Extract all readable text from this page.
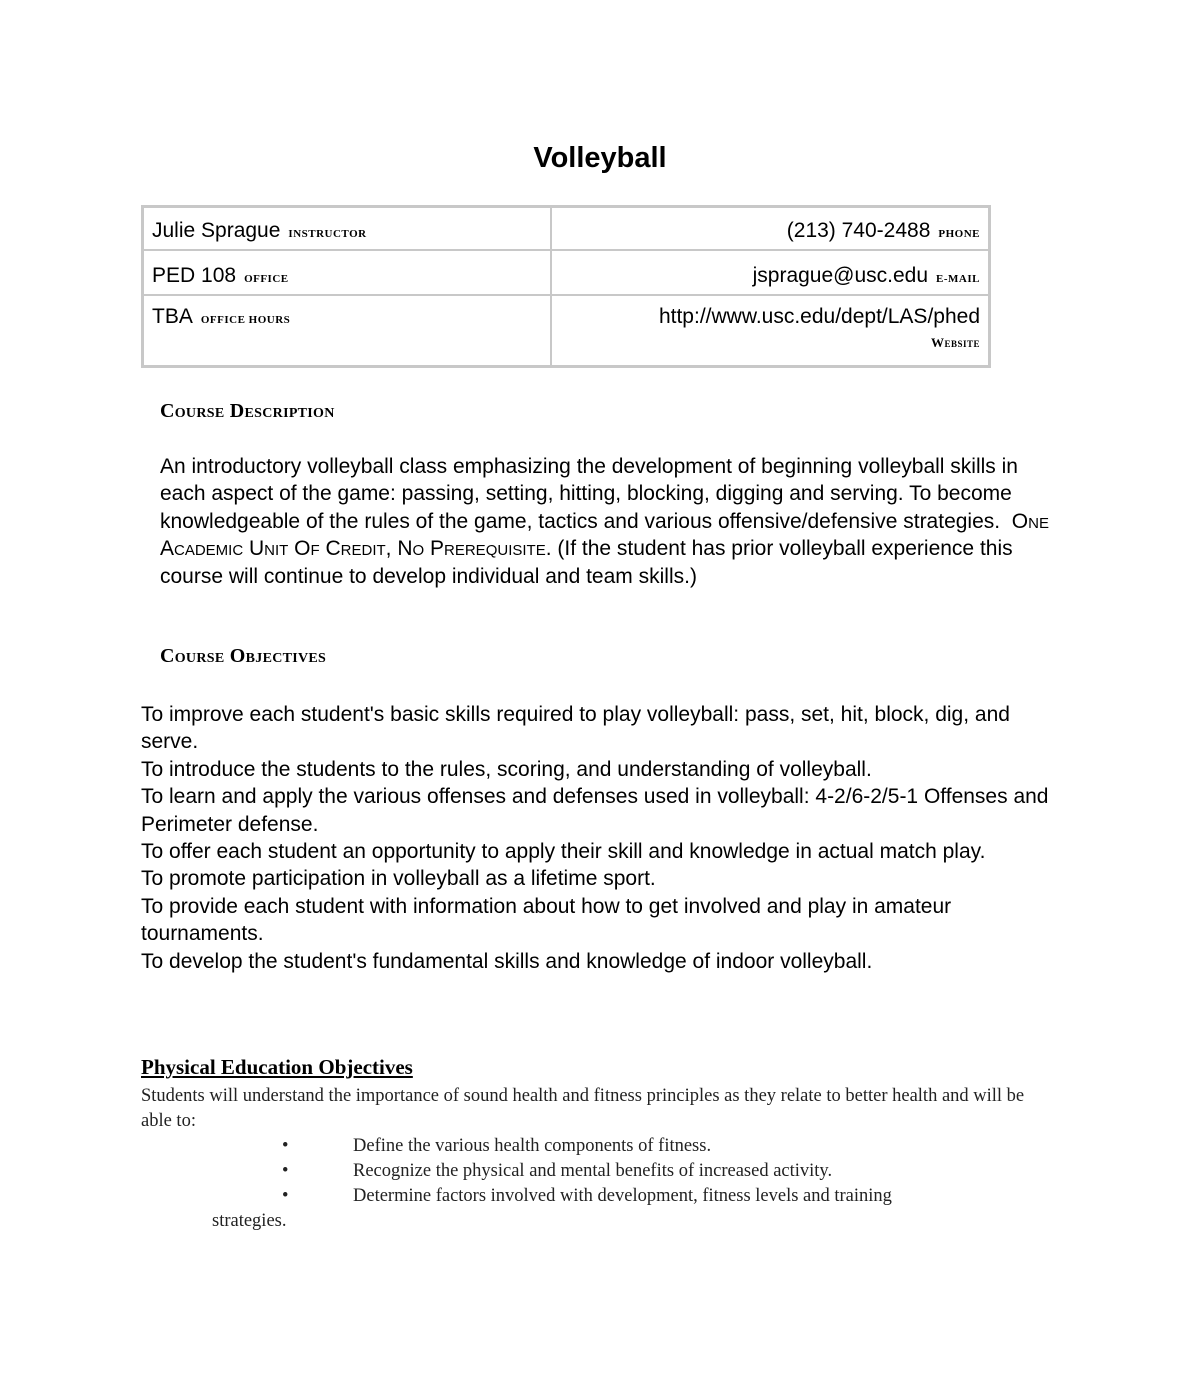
Volleyball
Julie Sprague INSTRUCTOR	(213) 740-2488 PHONE
PED 108 OFFICE	jsprague@usc.edu E-MAIL
TBA OFFICE HOURS	http://www.usc.edu/dept/LAS/phed
Website
Course Description
An introductory volleyball class emphasizing the development of beginning volleyball skills in each aspect of the game: passing, setting, hitting, blocking, digging and serving. To become knowledgeable of the rules of the game, tactics and various offensive/defensive strategies. One Academic Unit Of Credit, No Prerequisite. (If the student has prior volleyball experience this course will continue to develop individual and team skills.)
Course Objectives
To improve each student's basic skills required to play volleyball: pass, set, hit, block, dig, and serve.
To introduce the students to the rules, scoring, and understanding of volleyball.
To learn and apply the various offenses and defenses used in volleyball: 4-2/6-2/5-1 Offenses and Perimeter defense.
To offer each student an opportunity to apply their skill and knowledge in actual match play.
To promote participation in volleyball as a lifetime sport.
To provide each student with information about how to get involved and play in amateur tournaments.
To develop the student's fundamental skills and knowledge of indoor volleyball.
Physical Education Objectives
Students will understand the importance of sound health and fitness principles as they relate to better health and will be able to:
•	Define the various health components of fitness.
•	Recognize the physical and mental benefits of increased activity.
•	Determine factors involved with development, fitness levels and training
strategies.
